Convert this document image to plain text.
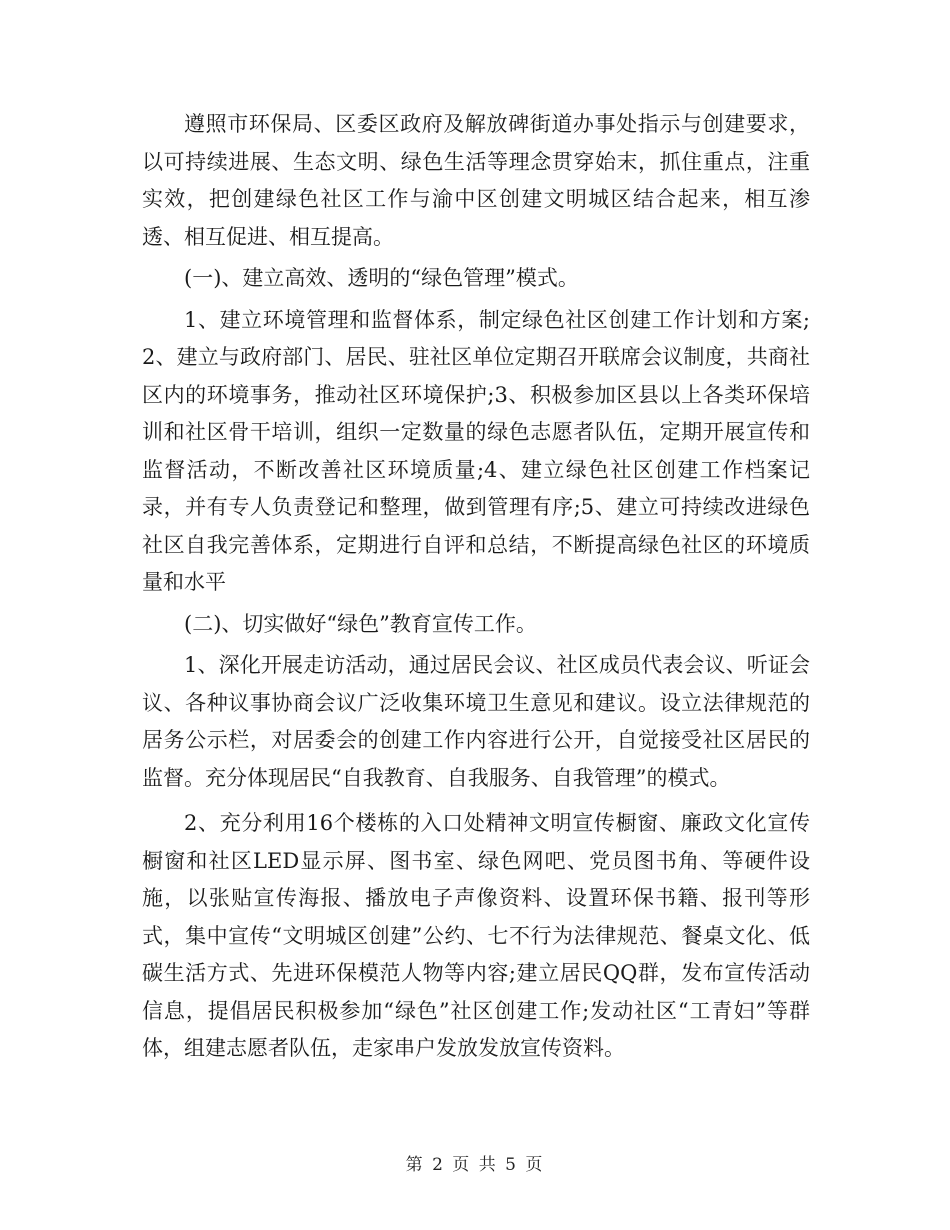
遵照市环保局、区委区政府及解放碑街道办事处指示与创建要求，以可持续进展、生态文明、绿色生活等理念贯穿始末，抓住重点，注重实效，把创建绿色社区工作与渝中区创建文明城区结合起来，相互渗透、相互促进、相互提高。

(一)、建立高效、透明的“绿色管理”模式。

1、建立环境管理和监督体系，制定绿色社区创建工作计划和方案;2、建立与政府部门、居民、驻社区单位定期召开联席会议制度，共商社区内的环境事务，推动社区环境保护;3、积极参加区县以上各类环保培训和社区骨干培训，组织一定数量的绿色志愿者队伍，定期开展宣传和监督活动，不断改善社区环境质量;4、建立绿色社区创建工作档案记录，并有专人负责登记和整理，做到管理有序;5、建立可持续改进绿色社区自我完善体系，定期进行自评和总结，不断提高绿色社区的环境质量和水平

(二)、切实做好“绿色”教育宣传工作。

1、深化开展走访活动，通过居民会议、社区成员代表会议、听证会议、各种议事协商会议广泛收集环境卫生意见和建议。设立法律规范的居务公示栏，对居委会的创建工作内容进行公开，自觉接受社区居民的监督。充分体现居民“自我教育、自我服务、自我管理”的模式。

2、充分利用16个楼栋的入口处精神文明宣传橱窗、廉政文化宣传橱窗和社区LED显示屏、图书室、绿色网吧、党员图书角、等硬件设施，以张贴宣传海报、播放电子声像资料、设置环保书籍、报刊等形式，集中宣传“文明城区创建”公约、七不行为法律规范、餐桌文化、低碳生活方式、先进环保模范人物等内容;建立居民QQ群，发布宣传活动信息，提倡居民积极参加“绿色”社区创建工作;发动社区“工青妇”等群体，组建志愿者队伍，走家串户发放发放宣传资料。

第 2 页 共 5 页
